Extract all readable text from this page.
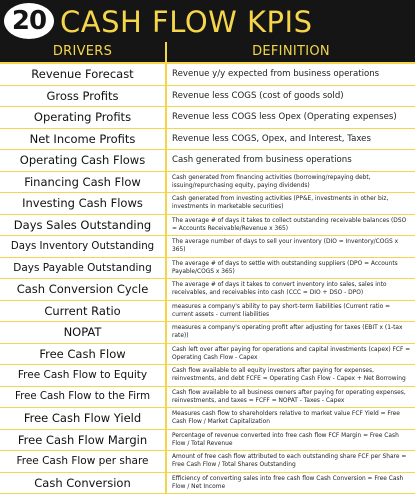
20 CASH FLOW KPIS
DRIVERS	DEFINITION
Revenue Forecast	Revenue y/y expected from business operations
Gross Profits	Revenue less COGS (cost of goods sold)
Operating Profits	Revenue less COGS less Opex (Operating expenses)
Net Income Profits	Revenue less COGS, Opex, and Interest, Taxes
Operating Cash Flows	Cash generated from business operations
Financing Cash Flow	Cash generated from financing activities (borrowing/repaying debt, issuing/repurchasing equity, paying dividends)
Investing Cash Flows	Cash generated from investing activities (PP&E, investments in other biz, investments in marketable securities)
Days Sales Outstanding	The average # of days it takes to collect outstanding receivable balances (DSO = Accounts Receivable/Revenue x 365)
Days Inventory Outstanding	The average number of days to sell your inventory (DIO = Inventory/COGS x 365)
Days Payable Outstanding	The average # of days to settle with outstanding suppliers (DPO = Accounts Payable/COGS x 365)
Cash Conversion Cycle	The average # of days it takes to convert inventory into sales, sales into receivables, and receivables into cash (CCC = DIO + DSO - DPO)
Current Ratio	measures a company's ability to pay short-term liabilities (Current ratio = current assets - current liabilities
NOPAT	measures a company's operating profit after adjusting for taxes (EBIT x (1-tax rate))
Free Cash Flow	Cash left over after paying for operations and capital investments (capex) FCF = Operating Cash Flow - Capex
Free Cash Flow to Equity	Cash flow available to all equity investors after paying for expenses, reinvestments, and debt FCFE = Operating Cash Flow - Capex + Net Borrowing
Free Cash Flow to the Firm	Cash flow available to all business owners after paying for operating expenses, reinvestments, and taxes = FCFF = NOPAT - Taxes - Capex
Free Cash Flow Yield	Measures cash flow to shareholders relative to market value FCF Yield = Free Cash Flow / Market Capitalization
Free Cash Flow Margin	Percentage of revenue converted into free cash flow FCF Margin = Free Cash Flow / Total Revenue
Free Cash Flow per share	Amount of free cash flow attributed to each outstanding share FCF per Share = Free Cash Flow / Total Shares Outstanding
Cash Conversion	Efficiency of converting sales into free cash flow Cash Conversion = Free Cash Flow / Net Income
